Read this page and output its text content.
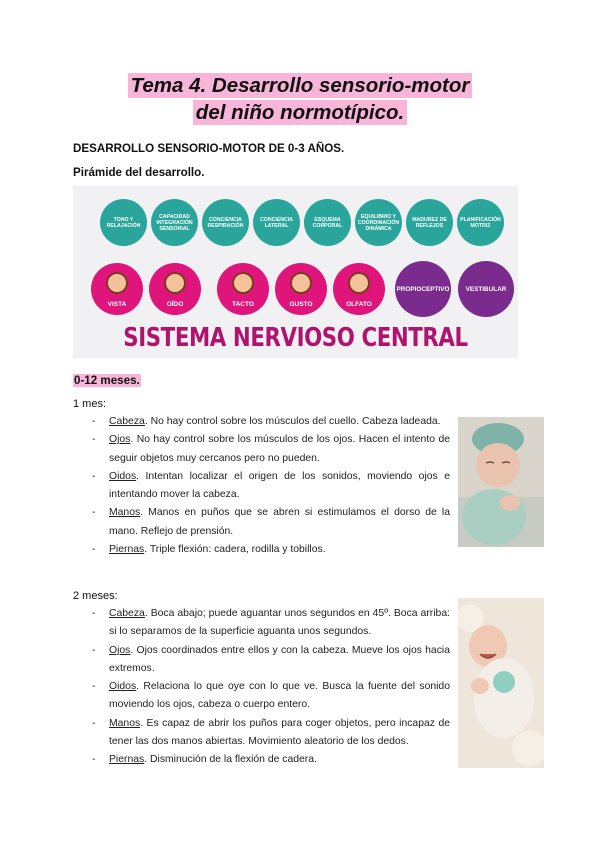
Tema 4. Desarrollo sensorio-motor
del niño normotípico.
DESARROLLO SENSORIO-MOTOR DE 0-3 AÑOS.
Pirámide del desarrollo.
TONO Y RELAJACIÓN
CAPACIDAD INTEGRACIÓN SENSORIAL
CONCIENCIA RESPIRACIÓN
CONCIENCIA LATERAL
ESQUEMA CORPORAL
EQUILIBRIO Y COORDINACIÓN DINÁMICA
MADUREZ DE REFLEJOS
PLANIFICACIÓN MOTRIZ
VISTA	OÍDO	TACTO	GUSTO	OLFATO
PROPIOCEPTIVO	VESTIBULAR
SISTEMA NERVIOSO CENTRAL
0-12 meses.
1 mes:
- Cabeza. No hay control sobre los músculos del cuello. Cabeza ladeada.
- Ojos. No hay control sobre los músculos de los ojos. Hacen el intento de seguir objetos muy cercanos pero no pueden.
- Oidos. Intentan localizar el origen de los sonidos, moviendo ojos e intentando mover la cabeza.
- Manos. Manos en puños que se abren si estimulamos el dorso de la mano. Reflejo de prensión.
- Piernas. Triple flexión: cadera, rodilla y tobillos.
2 meses:
- Cabeza. Boca abajo; puede aguantar unos segundos en 45º. Boca arriba: si lo separamos de la superficie aguanta unos segundos.
- Ojos. Ojos coordinados entre ellos y con la cabeza. Mueve los ojos hacia extremos.
- Oidos. Relaciona lo que oye con lo que ve. Busca la fuente del sonido moviendo los ojos, cabeza o cuerpo entero.
- Manos. Es capaz de abrir los puños para coger objetos, pero incapaz de tener las dos manos abiertas. Movimiento aleatorio de los dedos.
- Piernas. Disminución de la flexión de cadera.
